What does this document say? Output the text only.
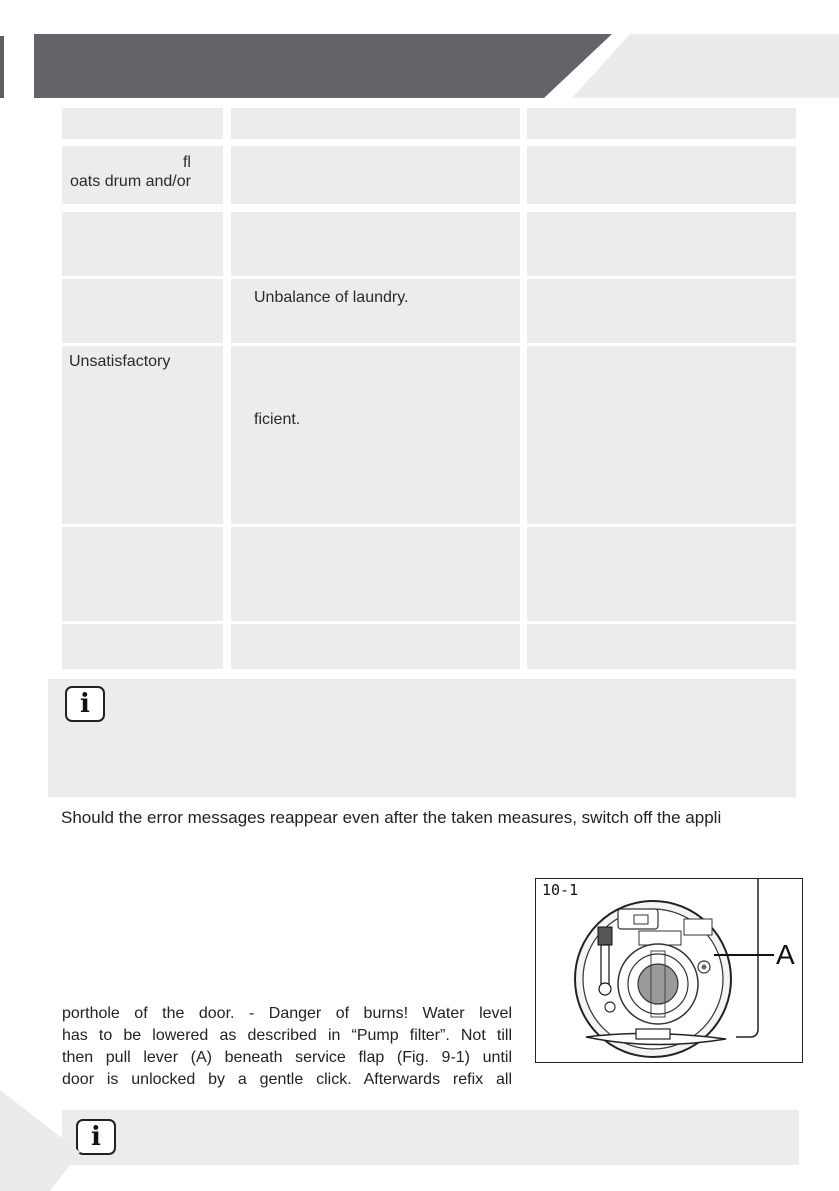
fl
oats drum and/or
Unbalance of laundry.
Unsatisfactory
ficient.
i
Should the error messages reappear even after the taken measures, switch off the appli
porthole of the door. - Danger of burns! Water level
has to be lowered as described in “Pump filter”. Not till
then pull lever (A) beneath service flap (Fig. 9-1) until
door is unlocked by a gentle click. Afterwards refix all
10-1
A
i
